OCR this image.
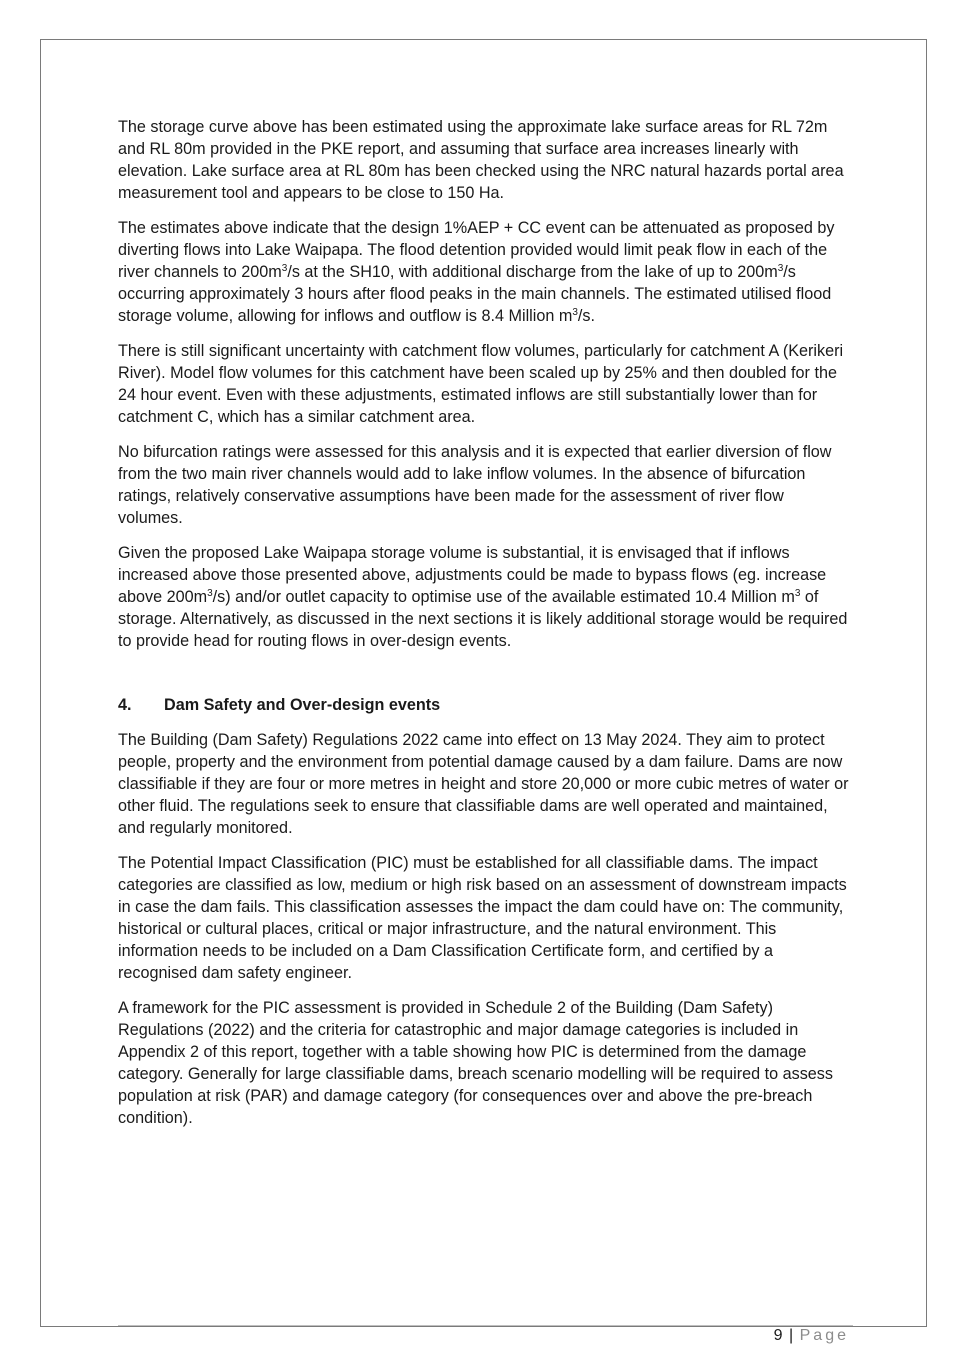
The storage curve above has been estimated using the approximate lake surface areas for RL 72m and RL 80m provided in the PKE report, and assuming that surface area increases linearly with elevation. Lake surface area at RL 80m has been checked using the NRC natural hazards portal area measurement tool and appears to be close to 150 Ha.

The estimates above indicate that the design 1%AEP + CC event can be attenuated as proposed by diverting flows into Lake Waipapa. The flood detention provided would limit peak flow in each of the river channels to $200m^3/s$ at the SH10, with additional discharge from the lake of up to $200m^3/s$ occurring approximately 3 hours after flood peaks in the main channels. The estimated utilised flood storage volume, allowing for inflows and outflow is 8.4 Million $m^3/s$.

There is still significant uncertainty with catchment flow volumes, particularly for catchment A (Kerikeri River). Model flow volumes for this catchment have been scaled up by 25% and then doubled for the 24 hour event. Even with these adjustments, estimated inflows are still substantially lower than for catchment C, which has a similar catchment area.

No bifurcation ratings were assessed for this analysis and it is expected that earlier diversion of flow from the two main river channels would add to lake inflow volumes. In the absence of bifurcation ratings, relatively conservative assumptions have been made for the assessment of river flow volumes.

Given the proposed Lake Waipapa storage volume is substantial, it is envisaged that if inflows increased above those presented above, adjustments could be made to bypass flows (eg. increase above $200m^3/s$) and/or outlet capacity to optimise use of the available estimated 10.4 Million $m^3$ of storage. Alternatively, as discussed in the next sections it is likely additional storage would be required to provide head for routing flows in over-design events.

4.	Dam Safety and Over-design events

The Building (Dam Safety) Regulations 2022 came into effect on 13 May 2024. They aim to protect people, property and the environment from potential damage caused by a dam failure. Dams are now classifiable if they are four or more metres in height and store 20,000 or more cubic metres of water or other fluid. The regulations seek to ensure that classifiable dams are well operated and maintained, and regularly monitored.

The Potential Impact Classification (PIC) must be established for all classifiable dams. The impact categories are classified as low, medium or high risk based on an assessment of downstream impacts in case the dam fails. This classification assesses the impact the dam could have on: The community, historical or cultural places, critical or major infrastructure, and the natural environment. This information needs to be included on a Dam Classification Certificate form, and certified by a recognised dam safety engineer.

A framework for the PIC assessment is provided in Schedule 2 of the Building (Dam Safety) Regulations (2022) and the criteria for catastrophic and major damage categories is included in Appendix 2 of this report, together with a table showing how PIC is determined from the damage category. Generally for large classifiable dams, breach scenario modelling will be required to assess population at risk (PAR) and damage category (for consequences over and above the pre-breach condition).

9 | Page
